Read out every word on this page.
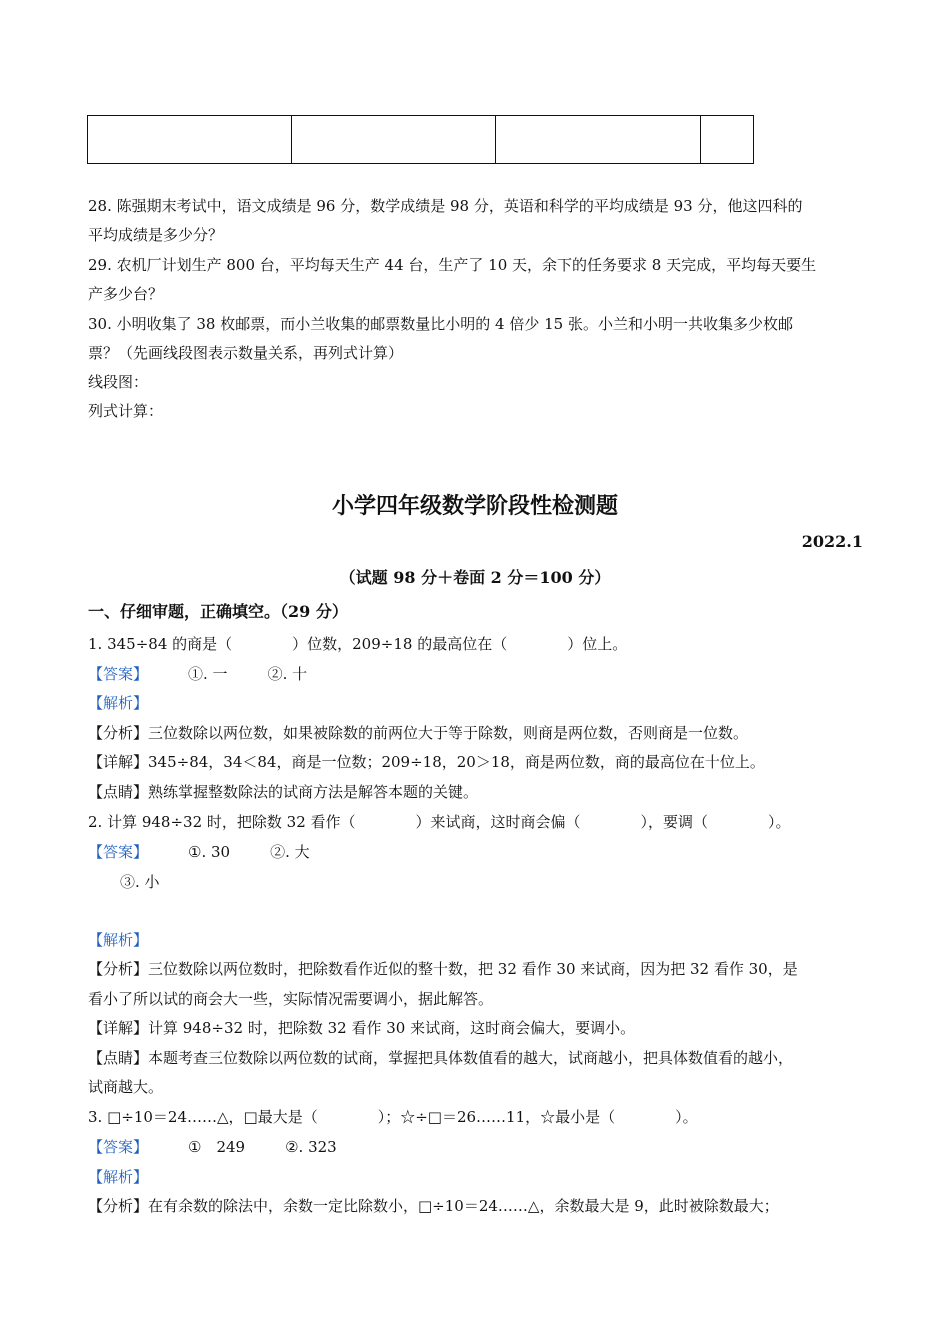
28. 陈强期末考试中，语文成绩是 96 分，数学成绩是 98 分，英语和科学的平均成绩是 93 分，他这四科的
平均成绩是多少分？
29. 农机厂计划生产 800 台，平均每天生产 44 台，生产了 10 天，余下的任务要求 8 天完成，平均每天要生
产多少台？
30. 小明收集了 38 枚邮票，而小兰收集的邮票数量比小明的 4 倍少 15 张。小兰和小明一共收集多少枚邮
票？（先画线段图表示数量关系，再列式计算）
线段图：
列式计算：
小学四年级数学阶段性检测题
2022.1
（试题 98 分＋卷面 2 分＝100 分）
一、仔细审题，正确填空。（29 分）
1. 345÷84 的商是（　　　　）位数，209÷18 的最高位在（　　　　）位上。
【答案】	①. 一	②. 十
【解析】
【分析】三位数除以两位数，如果被除数的前两位大于等于除数，则商是两位数，否则商是一位数。
【详解】345÷84，34＜84，商是一位数；209÷18，20＞18，商是两位数，商的最高位在十位上。
【点睛】熟练掌握整数除法的试商方法是解答本题的关键。
2. 计算 948÷32 时，把除数 32 看作（　　　　）来试商，这时商会偏（　　　　），要调（　　　　）。
【答案】	①. 30	②. 大
③. 小
【解析】
【分析】三位数除以两位数时，把除数看作近似的整十数，把 32 看作 30 来试商，因为把 32 看作 30，是
看小了所以试的商会大一些，实际情况需要调小，据此解答。
【详解】计算 948÷32 时，把除数 32 看作 30 来试商，这时商会偏大，要调小。
【点睛】本题考查三位数除以两位数的试商，掌握把具体数值看的越大，试商越小，把具体数值看的越小，
试商越大。
3. □÷10＝24……△，□最大是（　　　　）；☆÷□＝26……11，☆最小是（　　　　）。
【答案】	①　249	②. 323
【解析】
【分析】在有余数的除法中，余数一定比除数小，□÷10＝24……△，余数最大是 9，此时被除数最大；
